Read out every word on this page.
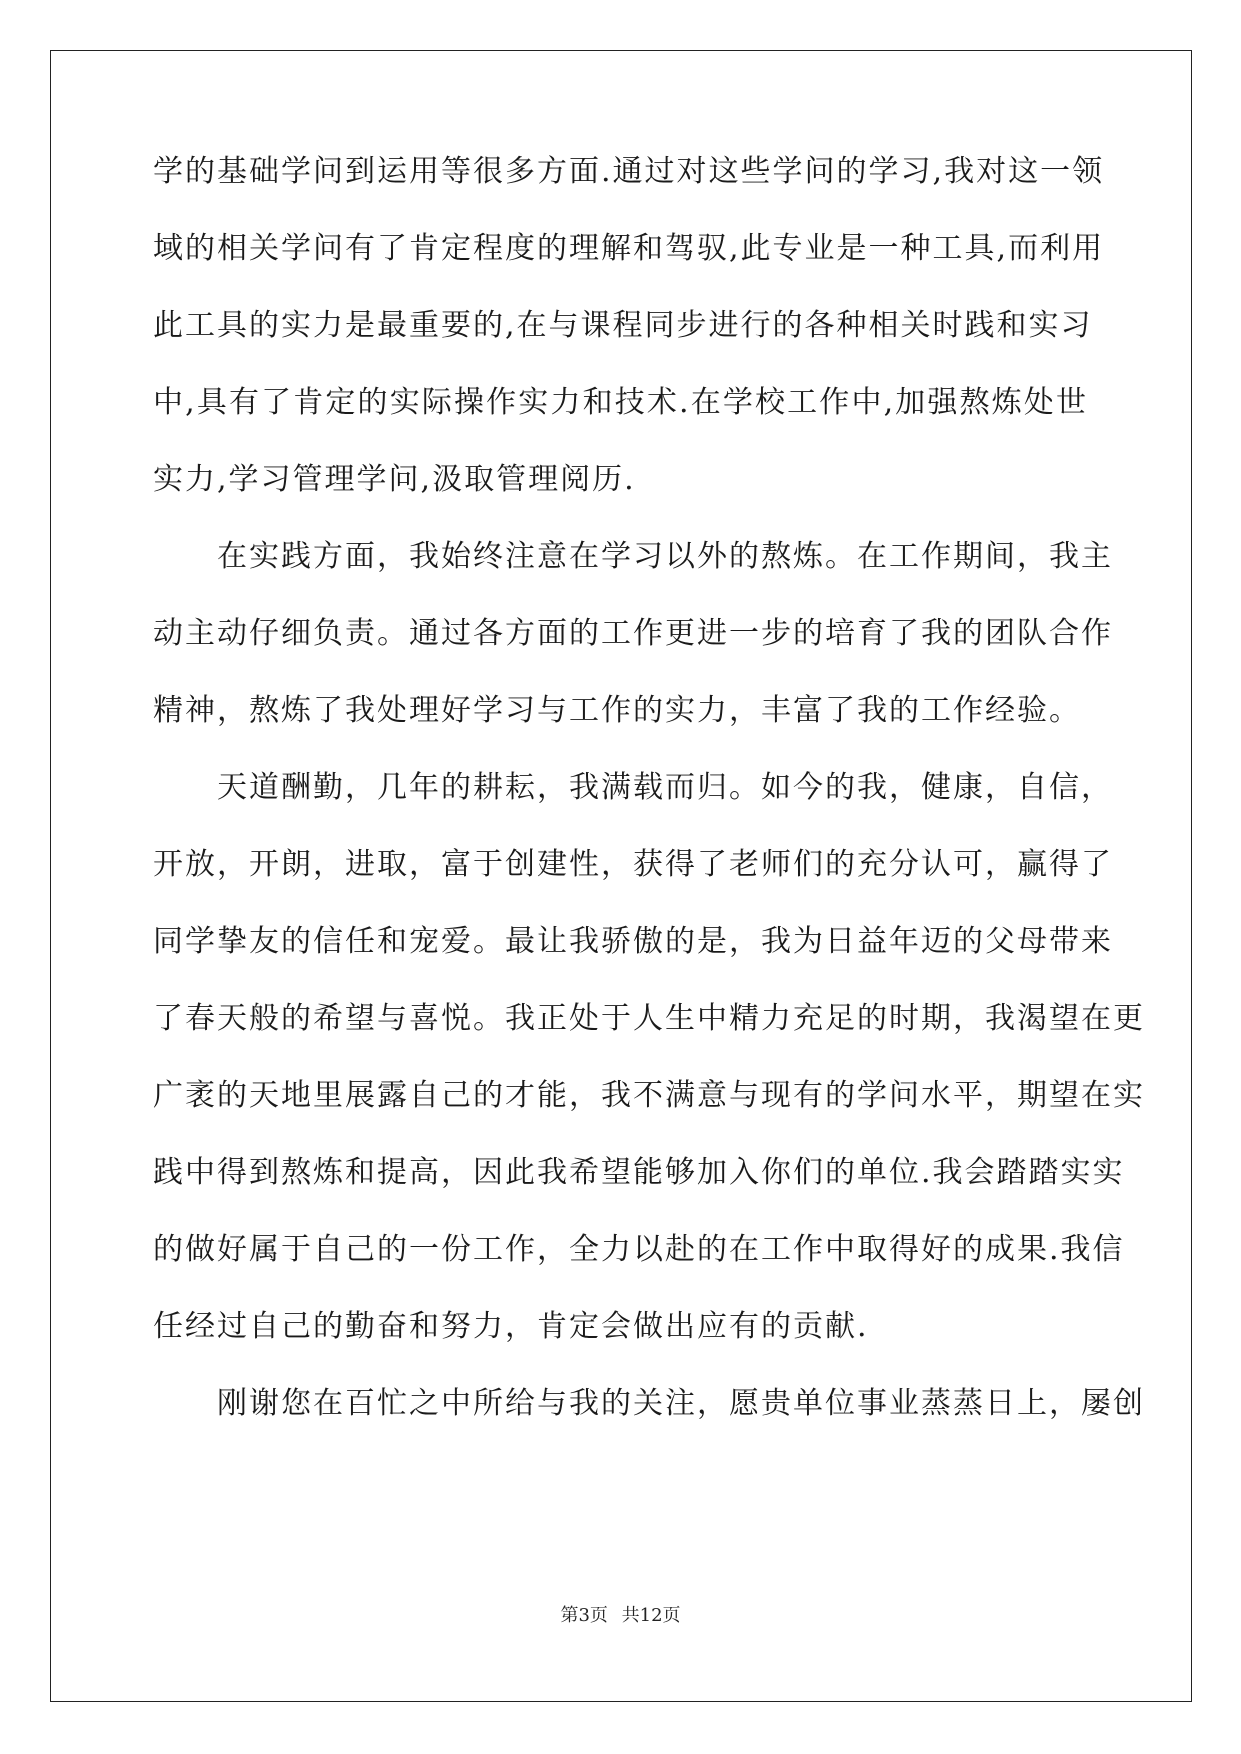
学的基础学问到运用等很多方面.通过对这些学问的学习,我对这一领
域的相关学问有了肯定程度的理解和驾驭,此专业是一种工具,而利用
此工具的实力是最重要的,在与课程同步进行的各种相关时践和实习
中,具有了肯定的实际操作实力和技术.在学校工作中,加强熬炼处世
实力,学习管理学问,汲取管理阅历.
　　在实践方面，我始终注意在学习以外的熬炼。在工作期间，我主
动主动仔细负责。通过各方面的工作更进一步的培育了我的团队合作
精神，熬炼了我处理好学习与工作的实力，丰富了我的工作经验。
　　天道酬勤，几年的耕耘，我满载而归。如今的我，健康，自信，
开放，开朗，进取，富于创建性，获得了老师们的充分认可，赢得了
同学挚友的信任和宠爱。最让我骄傲的是，我为日益年迈的父母带来
了春天般的希望与喜悦。我正处于人生中精力充足的时期，我渴望在更
广袤的天地里展露自己的才能，我不满意与现有的学问水平，期望在实
践中得到熬炼和提高，因此我希望能够加入你们的单位.我会踏踏实实
的做好属于自己的一份工作，全力以赴的在工作中取得好的成果.我信
任经过自己的勤奋和努力，肯定会做出应有的贡献.
　　刚谢您在百忙之中所给与我的关注，愿贵单位事业蒸蒸日上，屡创
第3页 共12页
